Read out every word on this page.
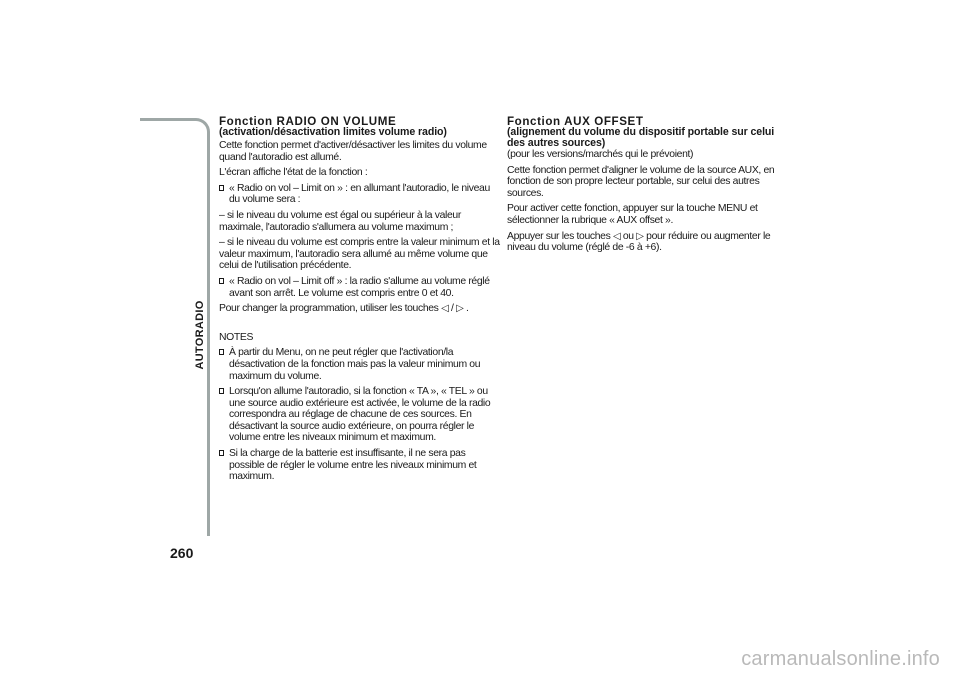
AUTORADIO
260
Fonction RADIO ON VOLUME
(activation/désactivation limites volume radio)

Cette fonction permet d'activer/désactiver les limites du volume quand l'autoradio est allumé.

L'écran affiche l'état de la fonction :

« Radio on vol – Limit on » : en allumant l'autoradio, le niveau du volume sera :

– si le niveau du volume est égal ou supérieur à la valeur maximale, l'autoradio s'allumera au volume maximum ;

– si le niveau du volume est compris entre la valeur minimum et la valeur maximum, l'autoradio sera allumé au même volume que celui de l'utilisation précédente.

« Radio on vol – Limit off » : la radio s'allume au volume réglé avant son arrêt. Le volume est compris entre 0 et 40.

Pour changer la programmation, utiliser les touches ◁ / ▷ .

NOTES

À partir du Menu, on ne peut régler que l'activation/la désactivation de la fonction mais pas la valeur minimum ou maximum du volume.
Lorsqu'on allume l'autoradio, si la fonction « TA », « TEL » ou une source audio extérieure est activée, le volume de la radio correspondra au réglage de chacune de ces sources. En désactivant la source audio extérieure, on pourra régler le volume entre les niveaux minimum et maximum.
Si la charge de la batterie est insuffisante, il ne sera pas possible de régler le volume entre les niveaux minimum et maximum.
Fonction AUX OFFSET
(alignement du volume du dispositif portable sur celui des autres sources)

(pour les versions/marchés qui le prévoient)

Cette fonction permet d'aligner le volume de la source AUX, en fonction de son propre lecteur portable, sur celui des autres sources.

Pour activer cette fonction, appuyer sur la touche MENU et sélectionner la rubrique « AUX offset ».

Appuyer sur les touches ◁ ou ▷ pour réduire ou augmenter le niveau du volume (réglé de -6 à +6).

carmanualsonline.info
